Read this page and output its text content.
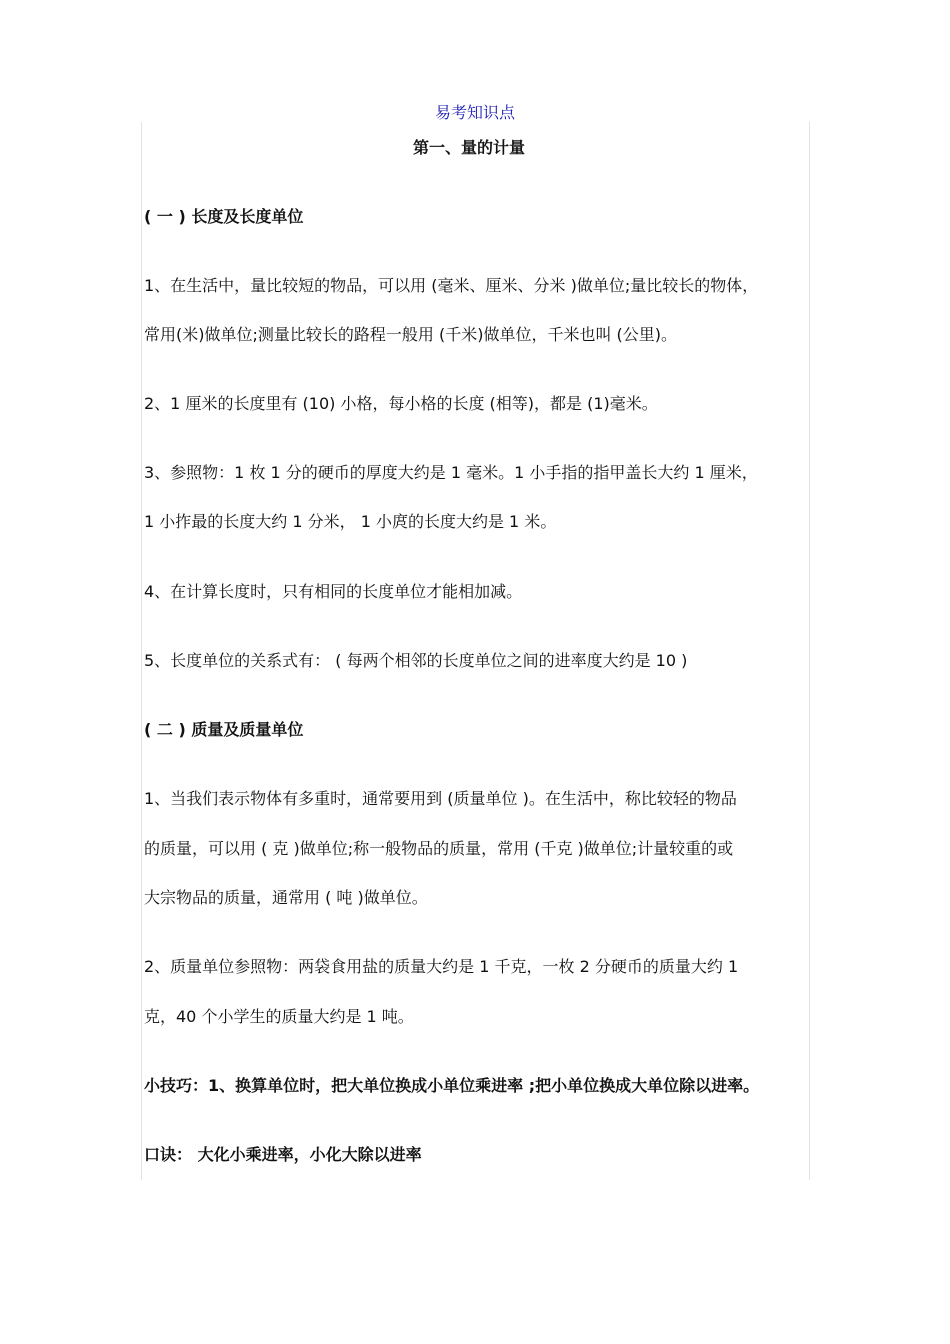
易考知识点
第一、量的计量
( 一 ) 长度及长度单位
1、在生活中，量比较短的物品，可以用 (毫米、厘米、分米 )做单位;量比较长的物体，
常用(米)做单位;测量比较长的路程一般用 (千米)做单位，千米也叫 (公里)。
2、1 厘米的长度里有 (10) 小格，每小格的长度 (相等)，都是 (1)毫米。
3、参照物：1 枚 1 分的硬币的厚度大约是 1 毫米。1 小手指的指甲盖长大约 1 厘米，
1 小拃最的长度大约 1 分米， 1 小庹的长度大约是 1 米。
4、在计算长度时，只有相同的长度单位才能相加减。
5、长度单位的关系式有： ( 每两个相邻的长度单位之间的进率度大约是 10 )
( 二 ) 质量及质量单位
1、当我们表示物体有多重时，通常要用到 (质量单位 )。在生活中，称比较轻的物品
的质量，可以用 ( 克 )做单位;称一般物品的质量，常用 (千克 )做单位;计量较重的或
大宗物品的质量，通常用 ( 吨 )做单位。
2、质量单位参照物：两袋食用盐的质量大约是 1 千克，一枚 2 分硬币的质量大约 1
克，40 个小学生的质量大约是 1 吨。
小技巧：1、换算单位时，把大单位换成小单位乘进率 ;把小单位换成大单位除以进率。
口诀： 大化小乘进率，小化大除以进率
